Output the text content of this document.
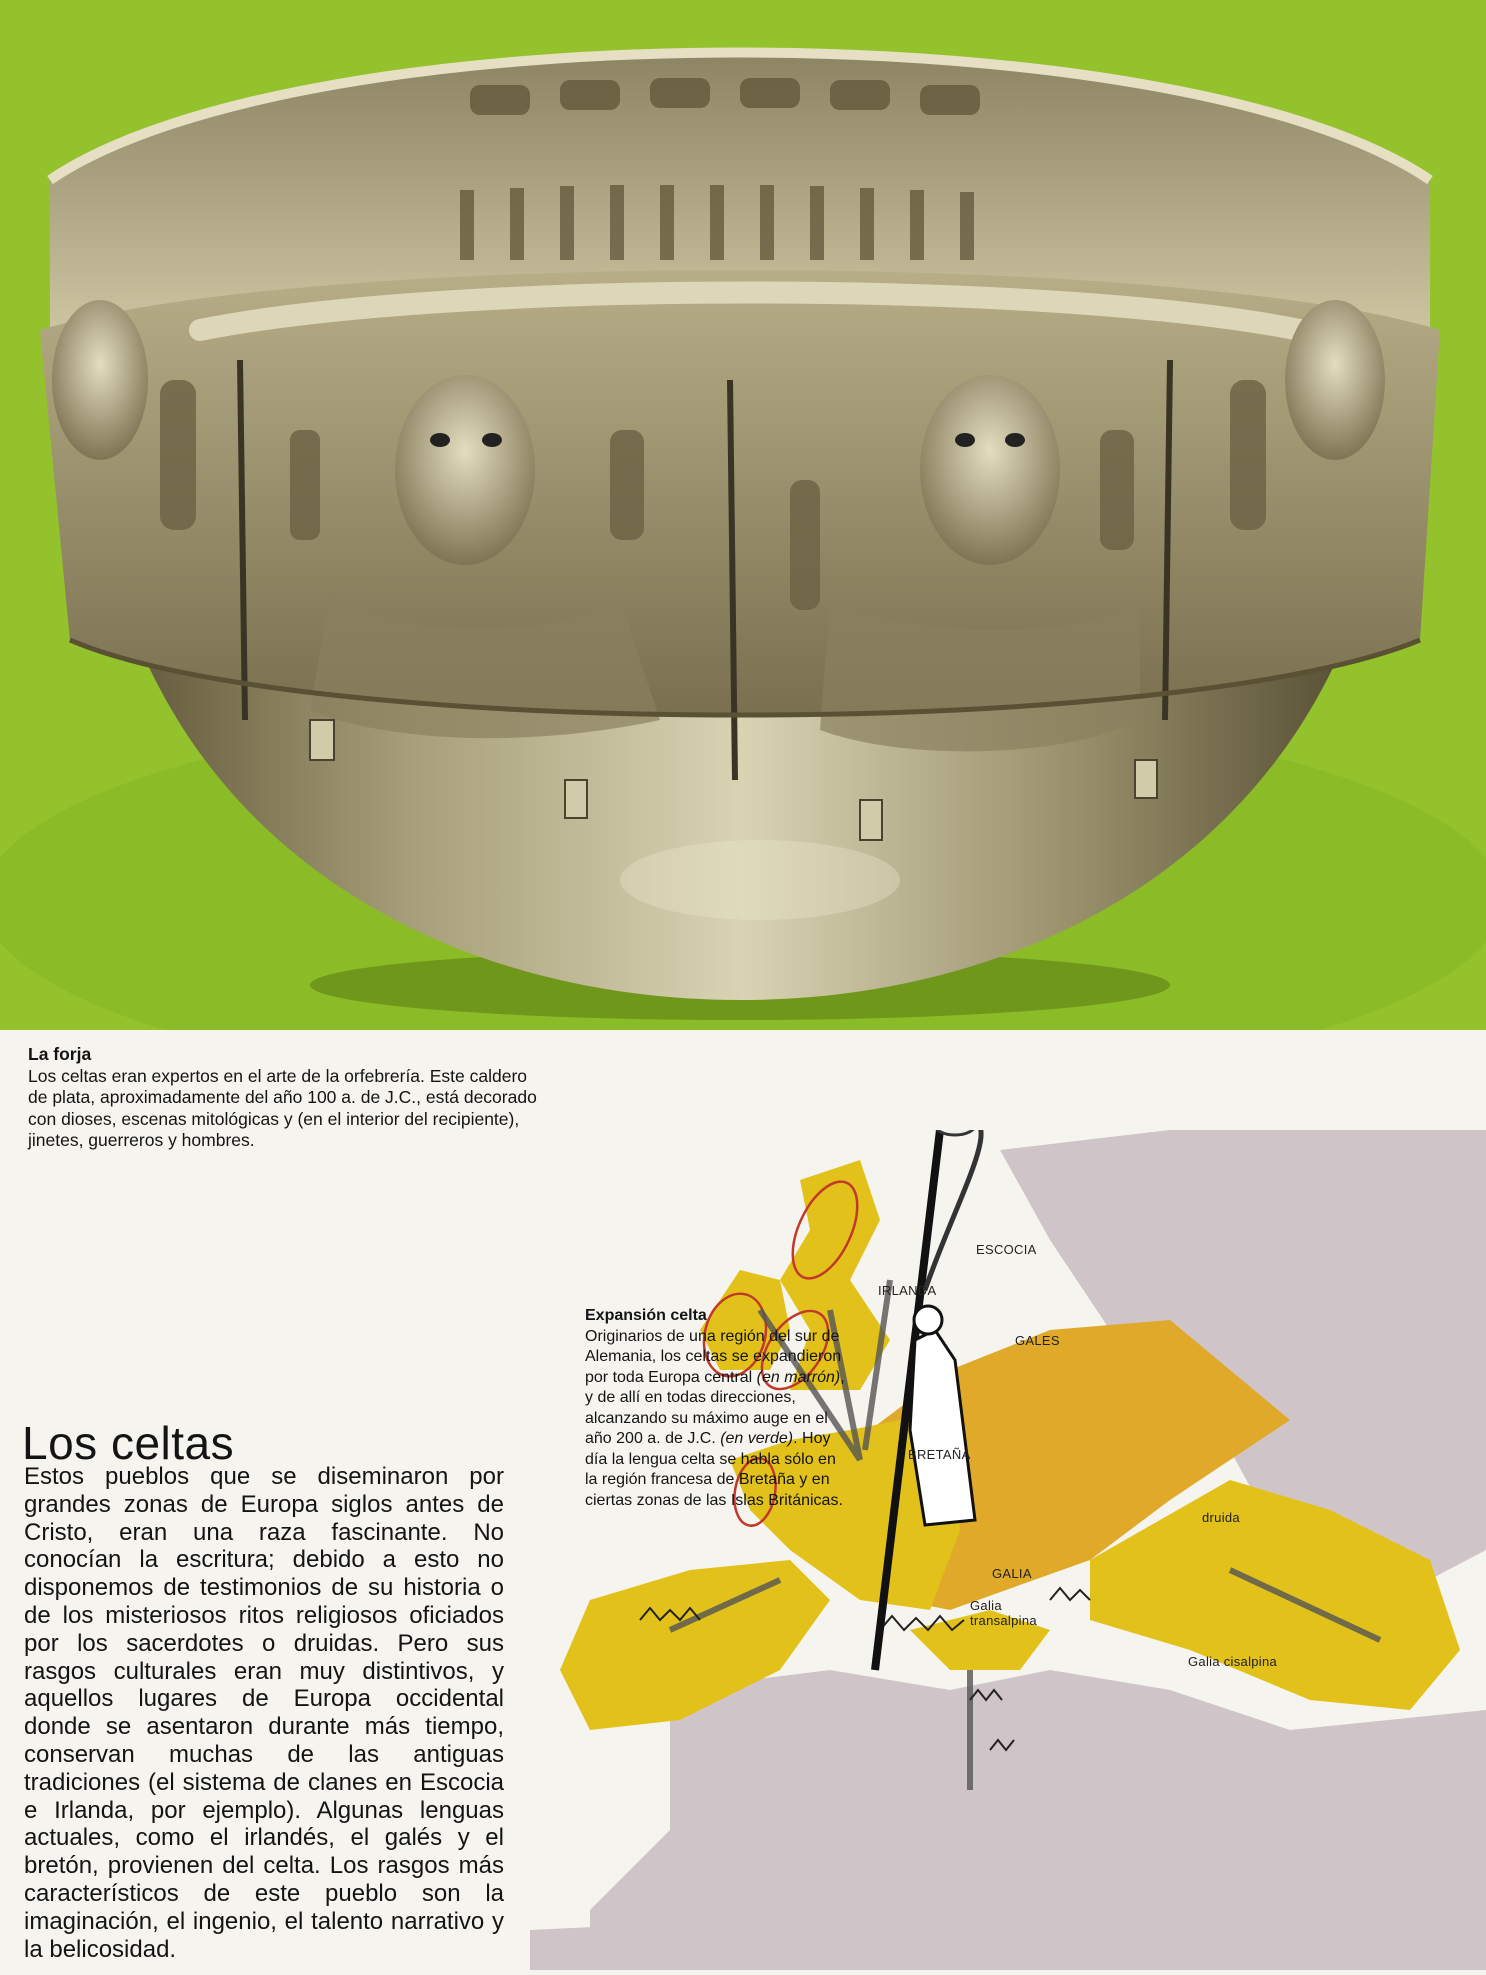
La forja
Los celtas eran expertos en el arte de la orfebrería. Este caldero de plata, aproximadamente del año 100 a. de J.C., está decorado con dioses, escenas mitológicas y (en el interior del recipiente), jinetes, guerreros y hombres.
Los celtas
Estos pueblos que se diseminaron por grandes zonas de Europa siglos antes de Cristo, eran una raza fascinante. No conocían la escritura; debido a esto no disponemos de testimonios de su historia o de los misteriosos ritos religiosos oficiados por los sacerdotes o druidas. Pero sus rasgos culturales eran muy distintivos, y aquellos lugares de Europa occidental donde se asentaron durante más tiempo, conservan muchas de las antiguas tradiciones (el sistema de clanes en Escocia e Irlanda, por ejemplo). Algunas lenguas actuales, como el irlandés, el galés y el bretón, provienen del celta. Los rasgos más característicos de este pueblo son la imaginación, el ingenio, el talento narrativo y la belicosidad.
ESCOCIA
IRLANDA
GALES
BRETAÑA
GALIA
Galia
transalpina
Galia cisalpina
druida
Expansión celta
Originarios de una región del sur de Alemania, los celtas se expandieron por toda Europa central (en marrón), y de allí en todas direcciones, alcanzando su máximo auge en el año 200 a. de J.C. (en verde). Hoy día la lengua celta se habla sólo en la región francesa de Bretaña y en ciertas zonas de las Islas Británicas.
